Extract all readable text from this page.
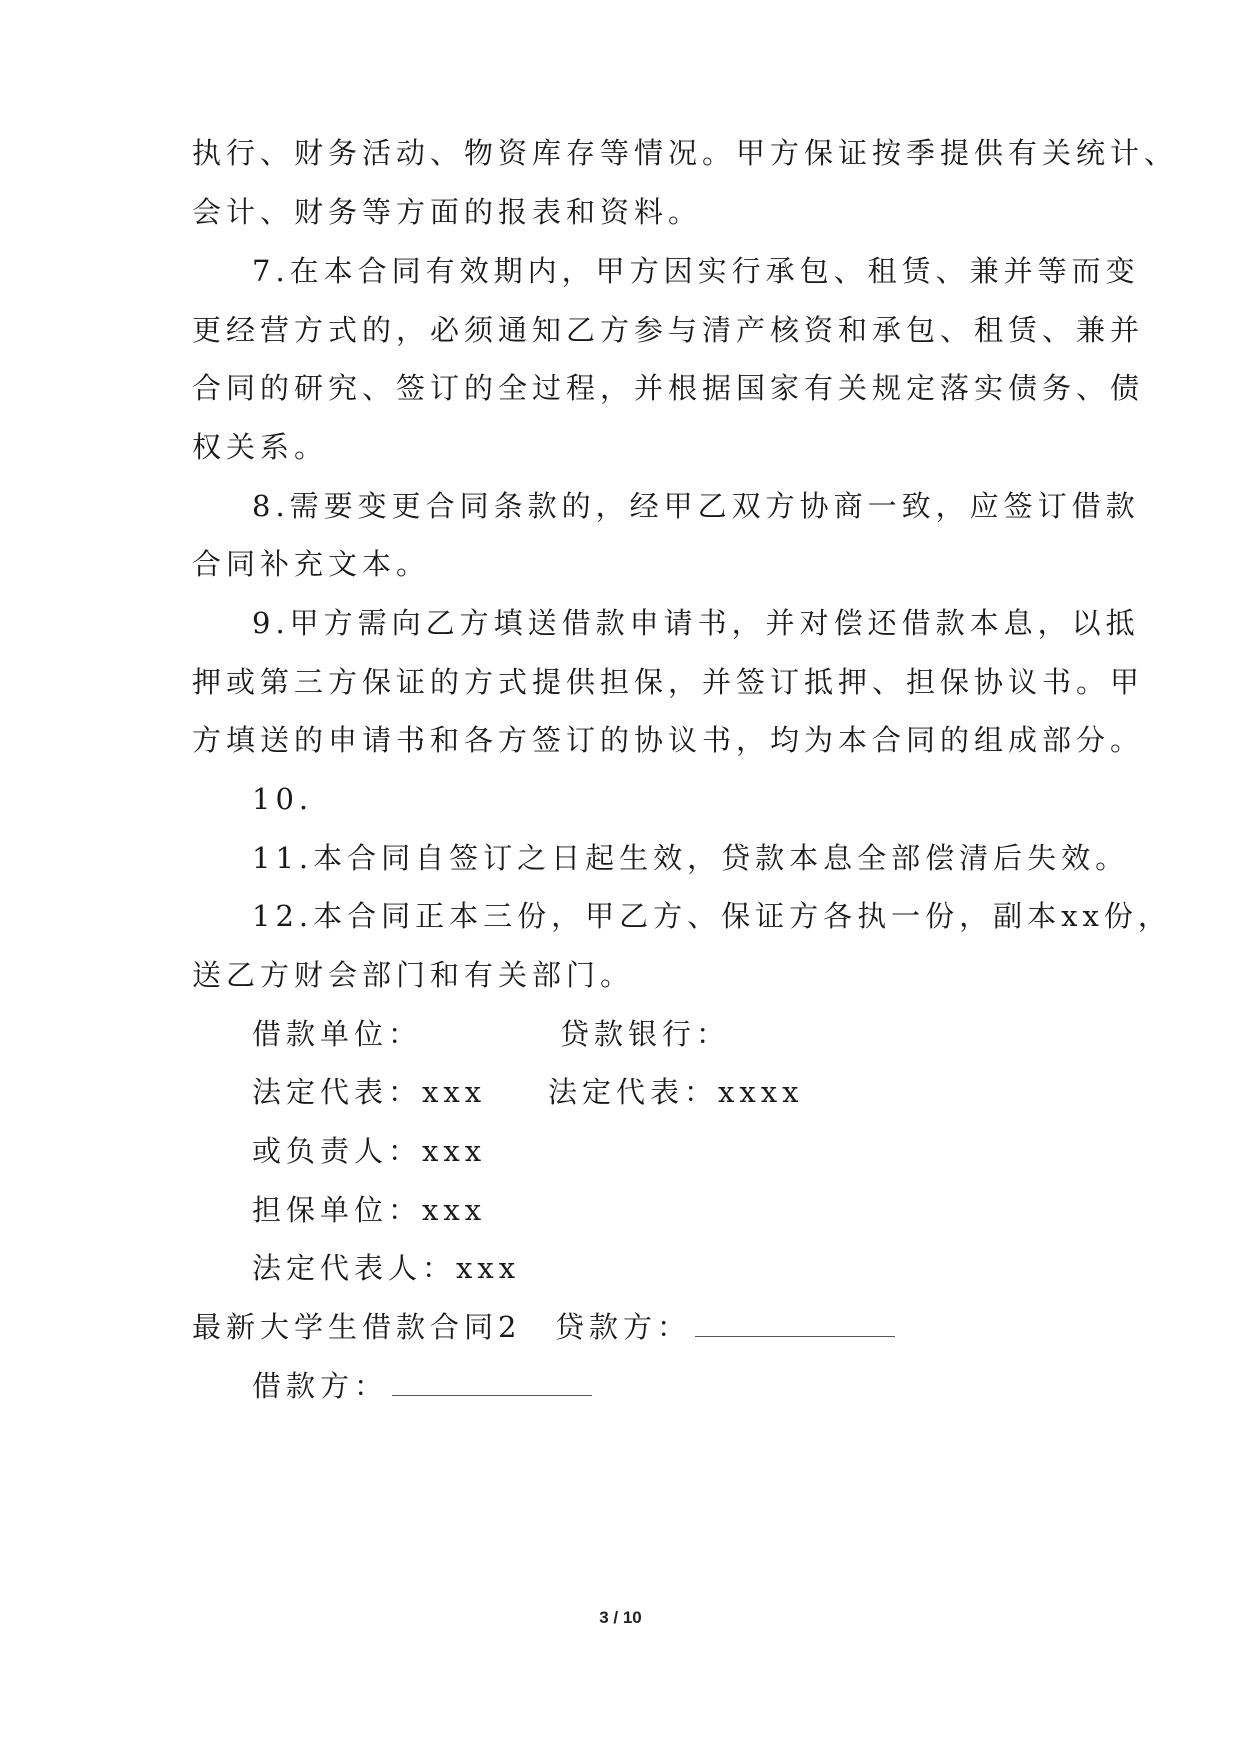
执行、财务活动、物资库存等情况。甲方保证按季提供有关统计、
会计、财务等方面的报表和资料。
7.在本合同有效期内，甲方因实行承包、租赁、兼并等而变
更经营方式的，必须通知乙方参与清产核资和承包、租赁、兼并
合同的研究、签订的全过程，并根据国家有关规定落实债务、债
权关系。
8.需要变更合同条款的，经甲乙双方协商一致，应签订借款
合同补充文本。
9.甲方需向乙方填送借款申请书，并对偿还借款本息，以抵
押或第三方保证的方式提供担保，并签订抵押、担保协议书。甲
方填送的申请书和各方签订的协议书，均为本合同的组成部分。
10.
11.本合同自签订之日起生效，贷款本息全部偿清后失效。
12.本合同正本三份，甲乙方、保证方各执一份，副本xx份，
送乙方财会部门和有关部门。
借款单位：	贷款银行：
法定代表：xxx 法定代表：xxxx
或负责人：xxx
担保单位：xxx
法定代表人：xxx
最新大学生借款合同2 贷款方：
借款方：
3 / 10
